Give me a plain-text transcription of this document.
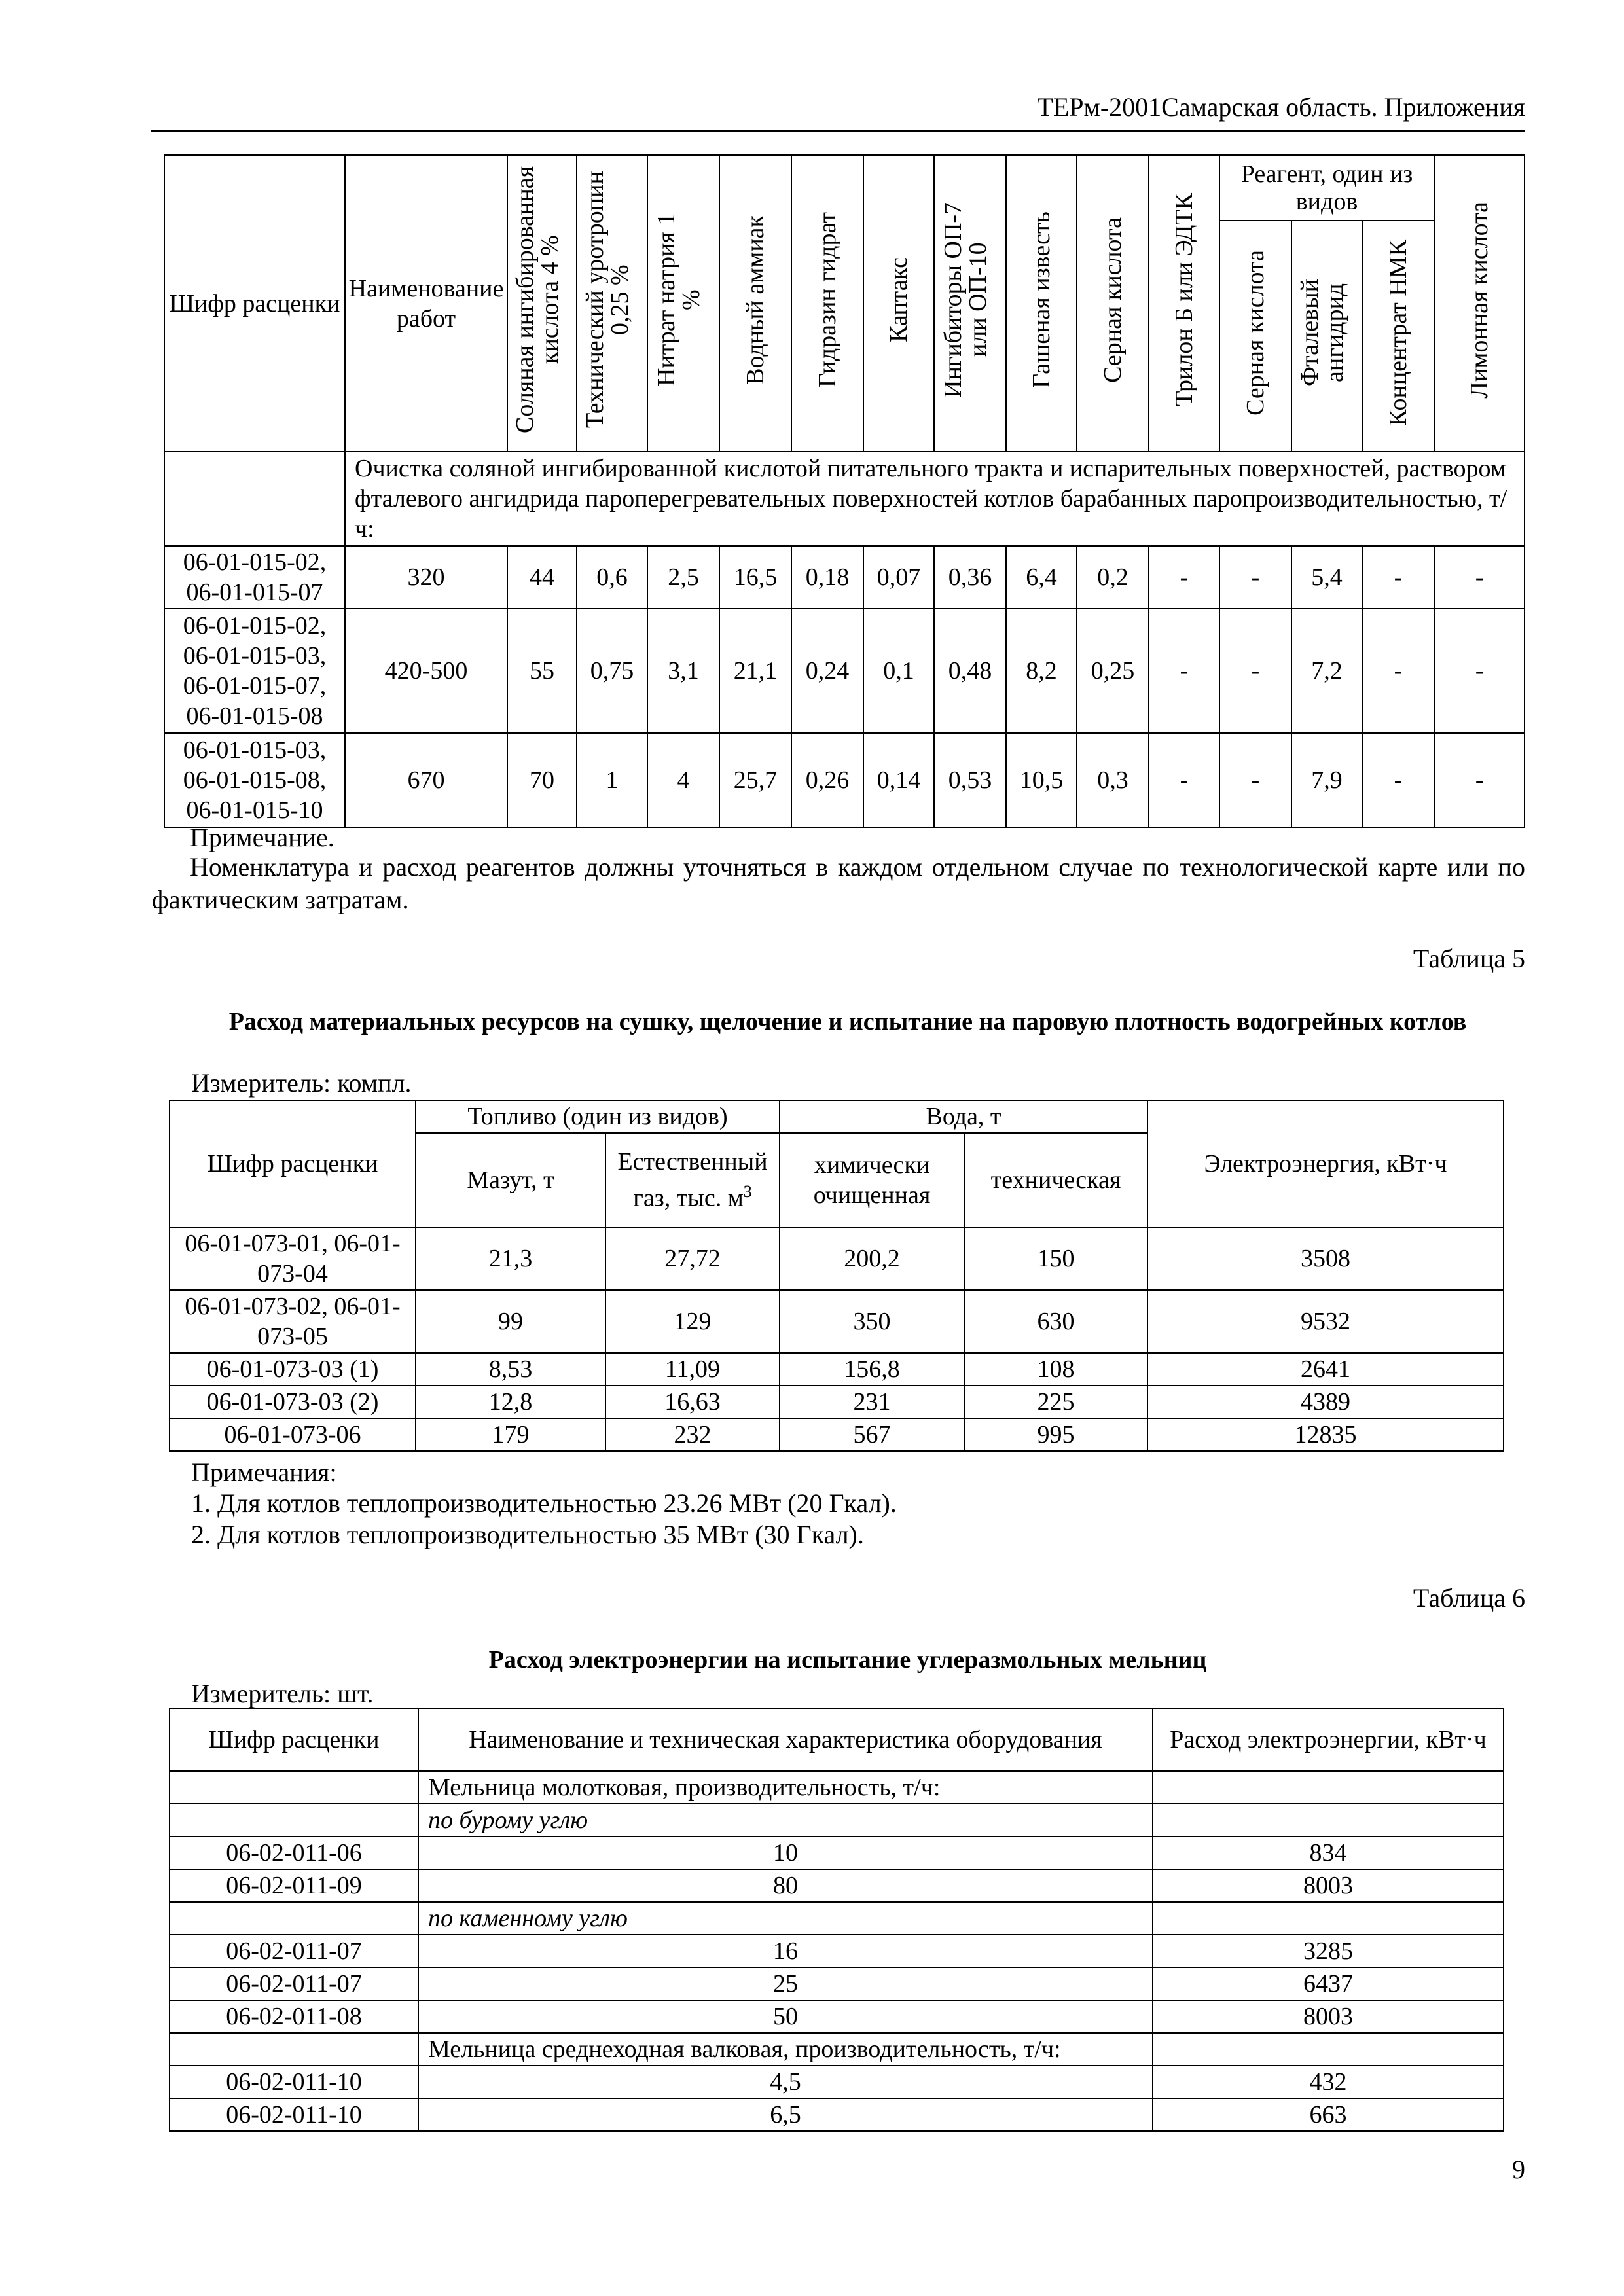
ТЕРм-2001Самарская область. Приложения
Шифр расценки	Наименование работ	Соляная ингибированная кислота 4 %	Технический уротропин 0,25 %	Нитрат натрия 1 %	Водный аммиак	Гидразин гидрат	Каптакс	Ингибиторы ОП-7 или ОП-10	Гашеная известь	Серная кислота	Трилон Б или ЭДТК	Реагент, один из видов			Лимонная кислота
												Серная кислота	Фталевый ангидрид	Концентрат НМК	
	Очистка соляной ингибированной кислотой питательного тракта и испарительных поверхностей, раствором фталевого ангидрида пароперегревательных поверхностей котлов барабанных паропроизводительностью, т/ч:														
06-01-015-02, 06-01-015-07	320	44	0,6	2,5	16,5	0,18	0,07	0,36	6,4	0,2	-	-	5,4	-	-
06-01-015-02, 06-01-015-03, 06-01-015-07, 06-01-015-08	420-500	55	0,75	3,1	21,1	0,24	0,1	0,48	8,2	0,25	-	-	7,2	-	-
06-01-015-03, 06-01-015-08, 06-01-015-10	670	70	1	4	25,7	0,26	0,14	0,53	10,5	0,3	-	-	7,9	-	-
Примечание.
Номенклатура и расход реагентов должны уточняться в каждом отдельном случае по технологической карте или по фактическим затратам.
Таблица 5
Расход материальных ресурсов на сушку, щелочение и испытание на паровую плотность водогрейных котлов
Измеритель: компл.
Шифр расценки	Топливо (один из видов)		Вода, т		Электроэнергия, кВт·ч
	Мазут, т	Естественный газ, тыс. $м^3$	химически очищенная	техническая	
06-01-073-01, 06-01-073-04	21,3	27,72	200,2	150	3508
06-01-073-02, 06-01-073-05	99	129	350	630	9532
06-01-073-03 (1)	8,53	11,09	156,8	108	2641
06-01-073-03 (2)	12,8	16,63	231	225	4389
06-01-073-06	179	232	567	995	12835
Примечания:
1. Для котлов теплопроизводительностью 23.26 МВт (20 Гкал).
2. Для котлов теплопроизводительностью 35 МВт (30 Гкал).
Таблица 6
Расход электроэнергии на испытание углеразмольных мельниц
Измеритель: шт.
Шифр расценки	Наименование и техническая характеристика оборудования	Расход электроэнергии, кВт·ч
	Мельница молотковая, производительность, т/ч:	
	по бурому углю	
06-02-011-06	10	834
06-02-011-09	80	8003
	по каменному углю	
06-02-011-07	16	3285
06-02-011-07	25	6437
06-02-011-08	50	8003
	Мельница среднеходная валковая, производительность, т/ч:	
06-02-011-10	4,5	432
06-02-011-10	6,5	663
9
